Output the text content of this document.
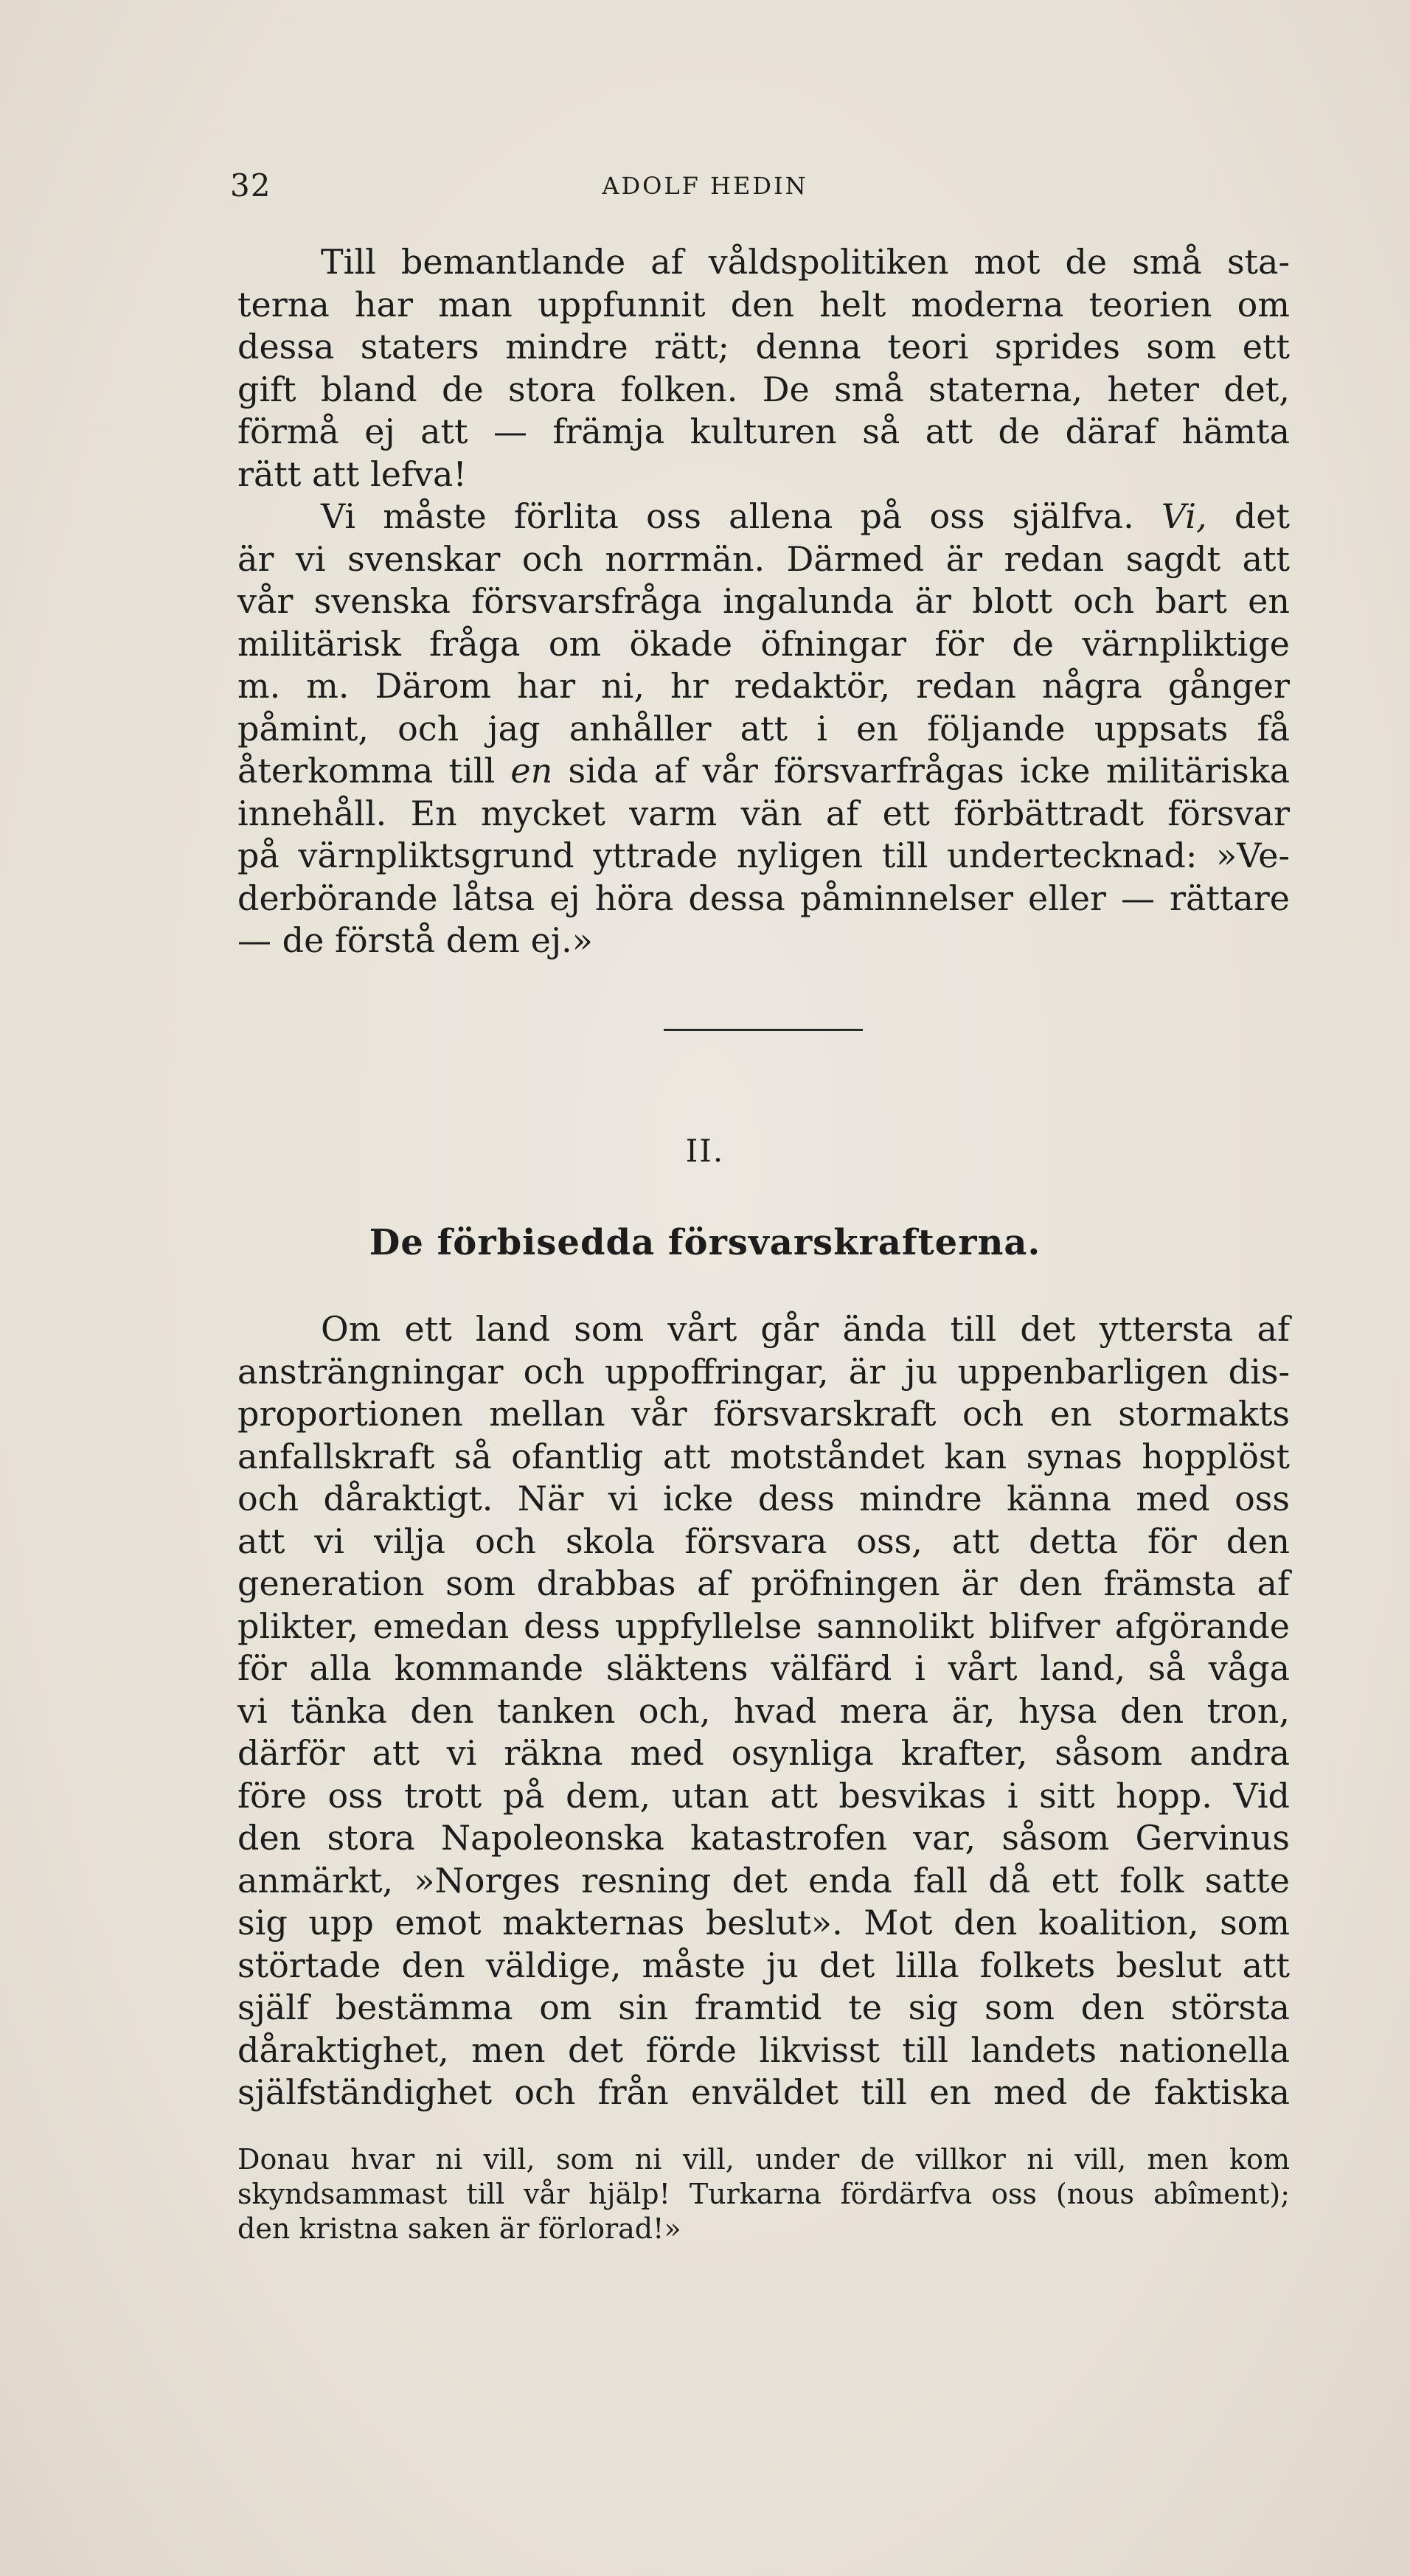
32	ADOLF HEDIN
Till bemantlande af våldspolitiken mot de små sta-
terna har man uppfunnit den helt moderna teorien om
dessa staters mindre rätt; denna teori sprides som ett
gift bland de stora folken. De små staterna, heter det,
förmå ej att — främja kulturen så att de däraf hämta
rätt att lefva!
Vi måste förlita oss allena på oss själfva. Vi, det
är vi svenskar och norrmän. Därmed är redan sagdt att
vår svenska försvarsfråga ingalunda är blott och bart en
militärisk fråga om ökade öfningar för de värnpliktige
m. m. Därom har ni, hr redaktör, redan några gånger
påmint, och jag anhåller att i en följande uppsats få
återkomma till en sida af vår försvarfrågas icke militäriska
innehåll. En mycket varm vän af ett förbättradt försvar
på värnpliktsgrund yttrade nyligen till undertecknad: »Ve-
derbörande låtsa ej höra dessa påminnelser eller — rättare
— de förstå dem ej.»
II.
De förbisedda försvarskrafterna.
Om ett land som vårt går ända till det yttersta af
ansträngningar och uppoffringar, är ju uppenbarligen dis-
proportionen mellan vår försvarskraft och en stormakts
anfallskraft så ofantlig att motståndet kan synas hopplöst
och dåraktigt. När vi icke dess mindre känna med oss
att vi vilja och skola försvara oss, att detta för den
generation som drabbas af pröfningen är den främsta af
plikter, emedan dess uppfyllelse sannolikt blifver afgörande
för alla kommande släktens välfärd i vårt land, så våga
vi tänka den tanken och, hvad mera är, hysa den tron,
därför att vi räkna med osynliga krafter, såsom andra
före oss trott på dem, utan att besvikas i sitt hopp. Vid
den stora Napoleonska katastrofen var, såsom Gervinus
anmärkt, »Norges resning det enda fall då ett folk satte
sig upp emot makternas beslut». Mot den koalition, som
störtade den väldige, måste ju det lilla folkets beslut att
själf bestämma om sin framtid te sig som den största
dåraktighet, men det förde likvisst till landets nationella
själfständighet och från enväldet till en med de faktiska
Donau hvar ni vill, som ni vill, under de villkor ni vill, men kom
skyndsammast till vår hjälp! Turkarna fördärfva oss (nous abîment);
den kristna saken är förlorad!»
